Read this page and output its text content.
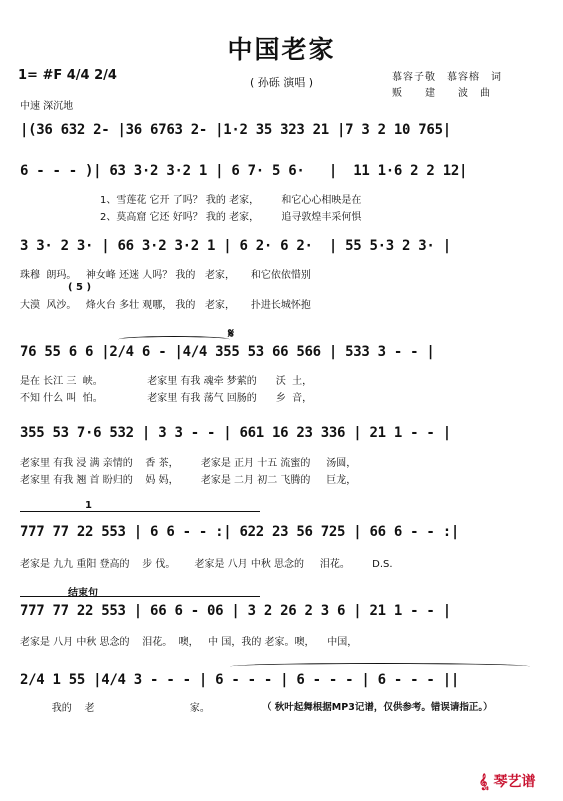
中国老家
1= #F 4/4 2/4
中速 深沉地
( 孙砾 演唱 )	慕容子敬　慕容榕　词
贩　　建　　波　曲
|(36 632 2- |36 6763 2- |1·2 35 323 21 |7 3 2 10 765|
6 - - - )| 63 3·2 3·2 1 | 6 7· 5 6·   |  11 1·6 2 2 12|
1、雪莲花 它开 了吗？ 我的 老家，       和它心心相映是在
2、莫高窟 它还 好吗？ 我的 老家，       追寻敦煌丰采何惧
3 3· 2 3· | 66 3·2 3·2 1 | 6 2· 6 2·  | 55 5·3 2 3· |
珠穆  朗玛。   神女峰 还迷 人吗？ 我的   老家，     和它依依惜别
( 5 )
大漠  风沙。   烽火台 多壮 观哪， 我的   老家，     扑进长城怀抱
𝄋
76 55 6 6 |2/4 6 - |4/4 355 53 66 566 | 533 3 - - |
是在 长江 三  峡。              老家里 有我 魂牵 梦萦的      沃  土，
不知 什么 叫  怕。              老家里 有我 荡气 回肠的      乡  音，
355 53 7·6 532 | 3 3 - - | 661 16 23 336 | 21 1 - - |
老家里 有我 浸 满 亲情的    香 茶，       老家是 正月 十五 流蜜的     汤圆，
老家里 有我 翘 首 盼归的    妈 妈，       老家是 二月 初二 飞腾的     巨龙，
1
777 77 22 553 | 6 6 - - :| 622 23 56 725 | 66 6 - - :|
老家是 九九 重阳 登高的    步 伐。      老家是 八月 中秋 思念的     泪花。       D.S.
结束句
777 77 22 553 | 66 6 - 06 | 3 2 26 2 3 6 | 21 1 - - |
老家是 八月 中秋 思念的    泪花。  噢，   中 国，我的 老家。噢，    中国，
2/4 1 55 |4/4 3 - - - | 6 - - - | 6 - - - | 6 - - - ||
我的    老                              家。	（ 秋叶起舞根据MP3记谱，仅供参考。错误请指正。）
𝄠 琴艺谱
